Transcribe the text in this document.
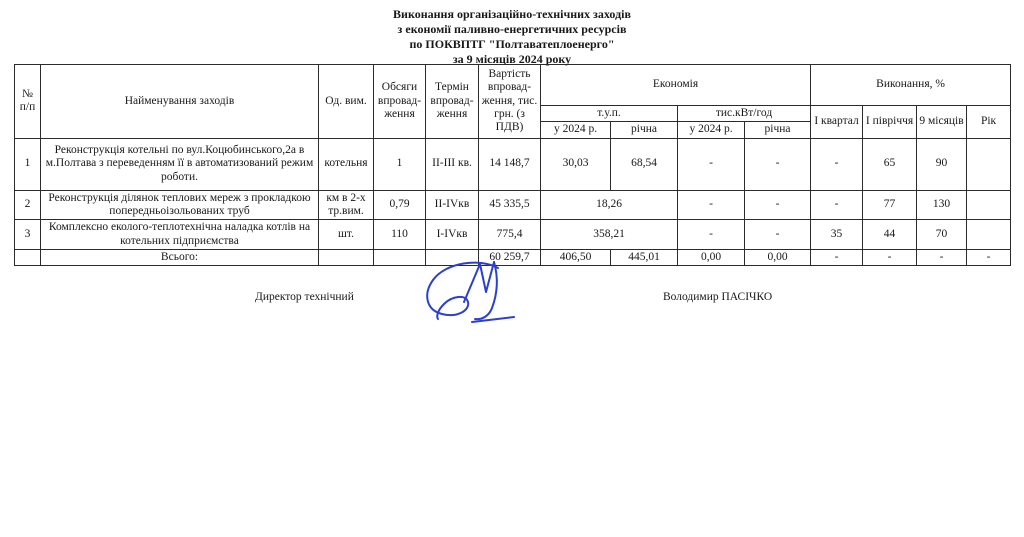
Виконання організаційно-технічних заходів
з економії паливно-енергетичних ресурсів
по ПОКВПТГ "Полтаватеплоенерго"
за 9 місяців 2024 року
№ п/п	Найменування заходів	Од. вим.	Обсяги впровад- ження	Термін впровад- ження	Вартість впровад- ження, тис. грн. (з ПДВ)	Економія				Виконання, %			
						т.у.п.		тис.кВт/год		І квартал	І півріччя	9 місяців	Рік
						у 2024 р.	річна	у 2024 р.	річна				
1	Реконструкція котельні по вул.Коцюбинського,2а в м.Полтава з переведенням її в автоматизований режим роботи.	котельня	1	II-III кв.	14 148,7	30,03	68,54	-	-	-	65	90	
2	Реконструкція ділянок теплових мереж з прокладкою попередньоізольованих труб	км в 2-х тр.вим.	0,79	II-IVкв	45 335,5	18,26		-	-	-	77	130	
3	Комплексно еколого-теплотехнічна наладка котлів на котельних підприємства	шт.	110	I-IVкв	775,4	358,21		-	-	35	44	70	
	Всього:				60 259,7	406,50	445,01	0,00	0,00	-	-	-	-
Директор технічний	Володимир ПАСІЧКО
